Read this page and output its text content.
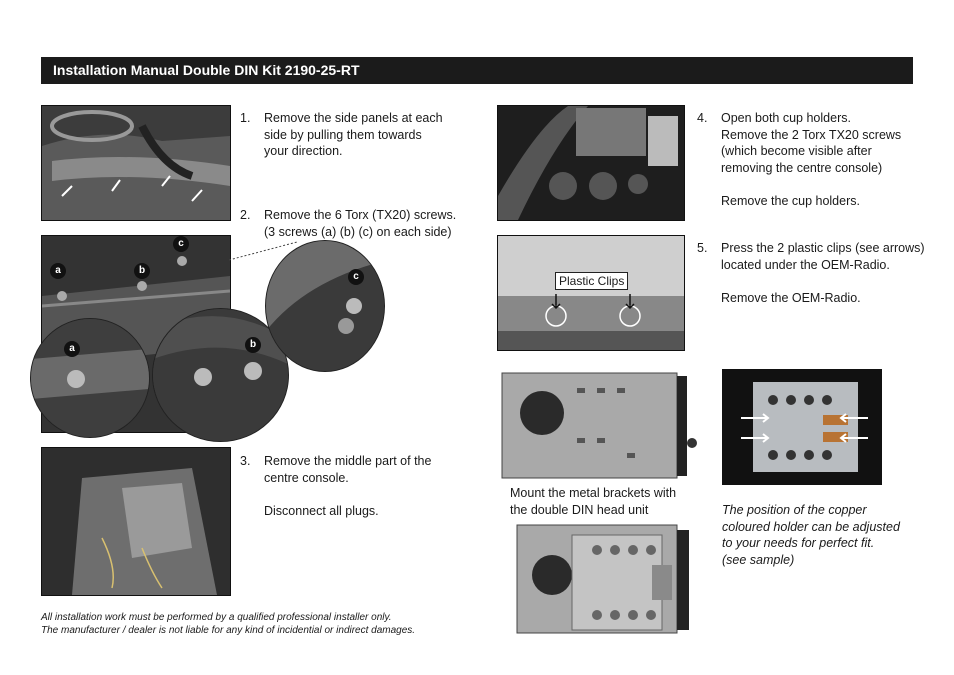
Installation Manual Double DIN Kit 2190-25-RT
1. Remove the side panels at each
side by pulling them towards
your direction.
a	b
c
a	b
c
2. Remove the 6 Torx (TX20) screws.
(3 screws (a) (b) (c) on each side)
3. Remove the middle part of the
centre console.
Disconnect all plugs.
4. Open both cup holders.
Remove the 2 Torx TX20 screws
(which become visible after
removing the centre console)
Remove the cup holders.
Plastic Clips
5. Press the 2 plastic clips (see arrows)
located under the OEM-Radio.
Remove the OEM-Radio.
Mount the metal brackets with
the double DIN head unit	The position of the copper
coloured holder can be adjusted
to your needs for perfect fit.
(see sample)
All installation work must be performed by a qualified professional installer only.
The manufacturer / dealer is not liable for any kind of incidential or indirect damages.
